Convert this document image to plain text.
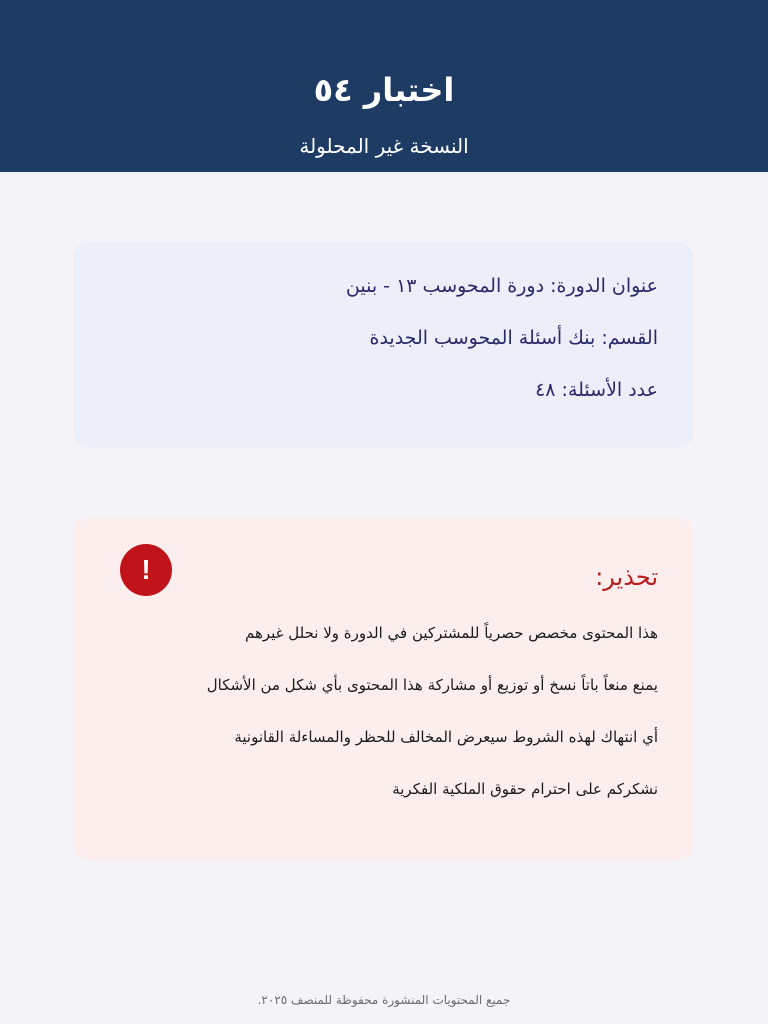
اختبار ٥٤
النسخة غير المحلولة
عنوان الدورة: دورة المحوسب ١٣ - بنين
القسم: بنك أسئلة المحوسب الجديدة
عدد الأسئلة: ٤٨
!	تحذير:
هذا المحتوى مخصص حصرياً للمشتركين في الدورة ولا نحلل غيرهم
يمنع منعاً باتاً نسخ أو توزيع أو مشاركة هذا المحتوى بأي شكل من الأشكال
أي انتهاك لهذه الشروط سيعرض المخالف للحظر والمساءلة القانونية
نشكركم على احترام حقوق الملكية الفكرية
جميع المحتويات المنشورة محفوظة للمنصف ٢٠٢٥.
